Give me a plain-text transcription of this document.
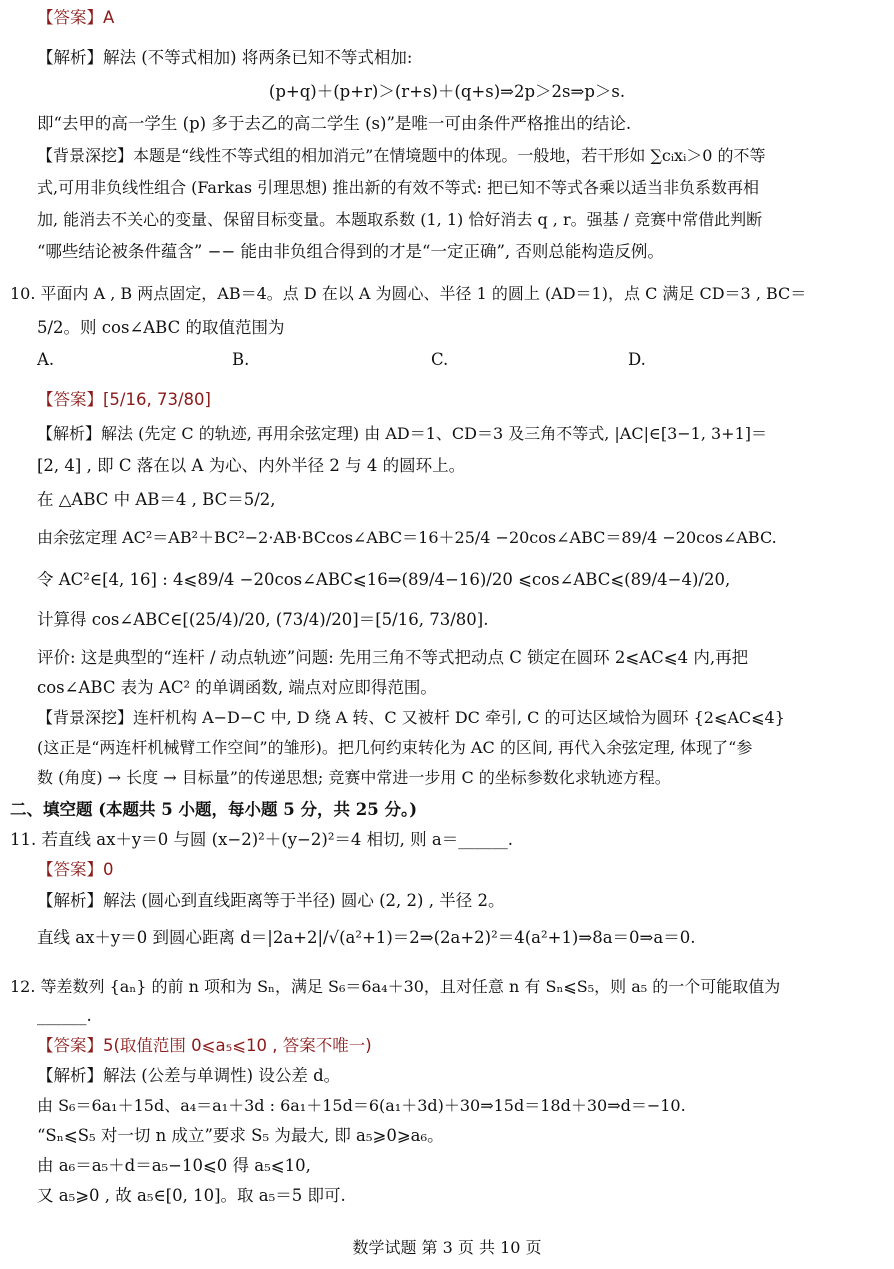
【答案】A
【解析】解法 (不等式相加) 将两条已知不等式相加:
(p+q)＋(p+r)＞(r+s)＋(q+s)⇒2p＞2s⇒p＞s.
即“去甲的高一学生 (p) 多于去乙的高二学生 (s)”是唯一可由条件严格推出的结论.
【背景深挖】本题是“线性不等式组的相加消元”在情境题中的体现。一般地，若干形如 ∑cᵢxᵢ＞0 的不等
式,可用非负线性组合 (Farkas 引理思想) 推出新的有效不等式: 把已知不等式各乘以适当非负系数再相
加, 能消去不关心的变量、保留目标变量。本题取系数 (1, 1) 恰好消去 q , r。强基 / 竞赛中常借此判断
“哪些结论被条件蕴含” −− 能由非负组合得到的才是“一定正确”, 否则总能构造反例。
10. 平面内 A , B 两点固定，AB＝4。点 D 在以 A 为圆心、半径 1 的圆上 (AD＝1)，点 C 满足 CD＝3 , BC＝
5/2。则 cos∠ABC 的取值范围为
A.	B.	C.	D.
【答案】[5/16, 73/80]
【解析】解法 (先定 C 的轨迹, 再用余弦定理) 由 AD＝1、CD＝3 及三角不等式, |AC|∈[3−1, 3+1]＝
[2, 4] , 即 C 落在以 A 为心、内外半径 2 与 4 的圆环上。
在 △ABC 中 AB＝4 , BC＝5/2,
由余弦定理 AC²＝AB²＋BC²−2·AB·BCcos∠ABC＝16＋25/4 −20cos∠ABC＝89/4 −20cos∠ABC.
令 AC²∈[4, 16] : 4⩽89/4 −20cos∠ABC⩽16⇒(89/4−16)/20 ⩽cos∠ABC⩽(89/4−4)/20,
计算得 cos∠ABC∈[(25/4)/20, (73/4)/20]＝[5/16, 73/80].
评价: 这是典型的“连杆 / 动点轨迹”问题: 先用三角不等式把动点 C 锁定在圆环 2⩽AC⩽4 内,再把
cos∠ABC 表为 AC² 的单调函数, 端点对应即得范围。
【背景深挖】连杆机构 A−D−C 中, D 绕 A 转、C 又被杆 DC 牵引, C 的可达区域恰为圆环 {2⩽AC⩽4}
(这正是“两连杆机械臂工作空间”的雏形)。把几何约束转化为 AC 的区间, 再代入余弦定理, 体现了“参
数 (角度) → 长度 → 目标量”的传递思想; 竞赛中常进一步用 C 的坐标参数化求轨迹方程。
二、填空题 (本题共 5 小题，每小题 5 分，共 25 分。)
11. 若直线 ax＋y＝0 与圆 (x−2)²＋(y−2)²＝4 相切, 则 a＝______.
【答案】0
【解析】解法 (圆心到直线距离等于半径) 圆心 (2, 2) , 半径 2。
直线 ax＋y＝0 到圆心距离 d＝|2a+2|/√(a²+1)＝2⇒(2a+2)²＝4(a²+1)⇒8a＝0⇒a＝0.
12. 等差数列 {aₙ} 的前 n 项和为 Sₙ，满足 S₆＝6a₄＋30，且对任意 n 有 Sₙ⩽S₅，则 a₅ 的一个可能取值为
______.
【答案】5(取值范围 0⩽a₅⩽10 , 答案不唯一)
【解析】解法 (公差与单调性) 设公差 d。
由 S₆＝6a₁＋15d、a₄＝a₁＋3d : 6a₁＋15d＝6(a₁＋3d)＋30⇒15d＝18d＋30⇒d＝−10.
“Sₙ⩽S₅ 对一切 n 成立”要求 S₅ 为最大, 即 a₅⩾0⩾a₆。
由 a₆＝a₅＋d＝a₅−10⩽0 得 a₅⩽10,
又 a₅⩾0 , 故 a₅∈[0, 10]。取 a₅＝5 即可.
数学试题 第 3 页 共 10 页
